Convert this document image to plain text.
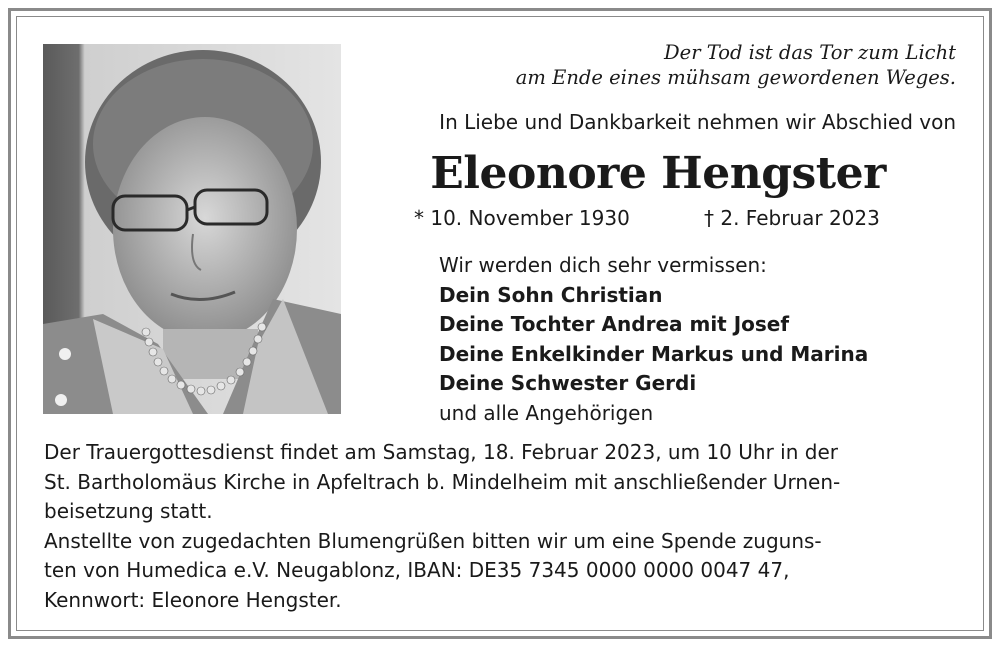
Der Tod ist das Tor zum Licht
am Ende eines mühsam gewordenen Weges.
In Liebe und Dankbarkeit nehmen wir Abschied von
Eleonore Hengster
* 10. November 1930	† 2. Februar 2023
Wir werden dich sehr vermissen:
Dein Sohn Christian
Deine Tochter Andrea mit Josef
Deine Enkelkinder Markus und Marina
Deine Schwester Gerdi
und alle Angehörigen
Der Trauergottesdienst findet am Samstag, 18. Februar 2023, um 10 Uhr in der
St. Bartholomäus Kirche in Apfeltrach b. Mindelheim mit anschließender Urnen-
beisetzung statt.
Anstellte von zugedachten Blumengrüßen bitten wir um eine Spende zuguns-
ten von Humedica e.V. Neugablonz, IBAN: DE35 7345 0000 0000 0047 47,
Kennwort: Eleonore Hengster.
